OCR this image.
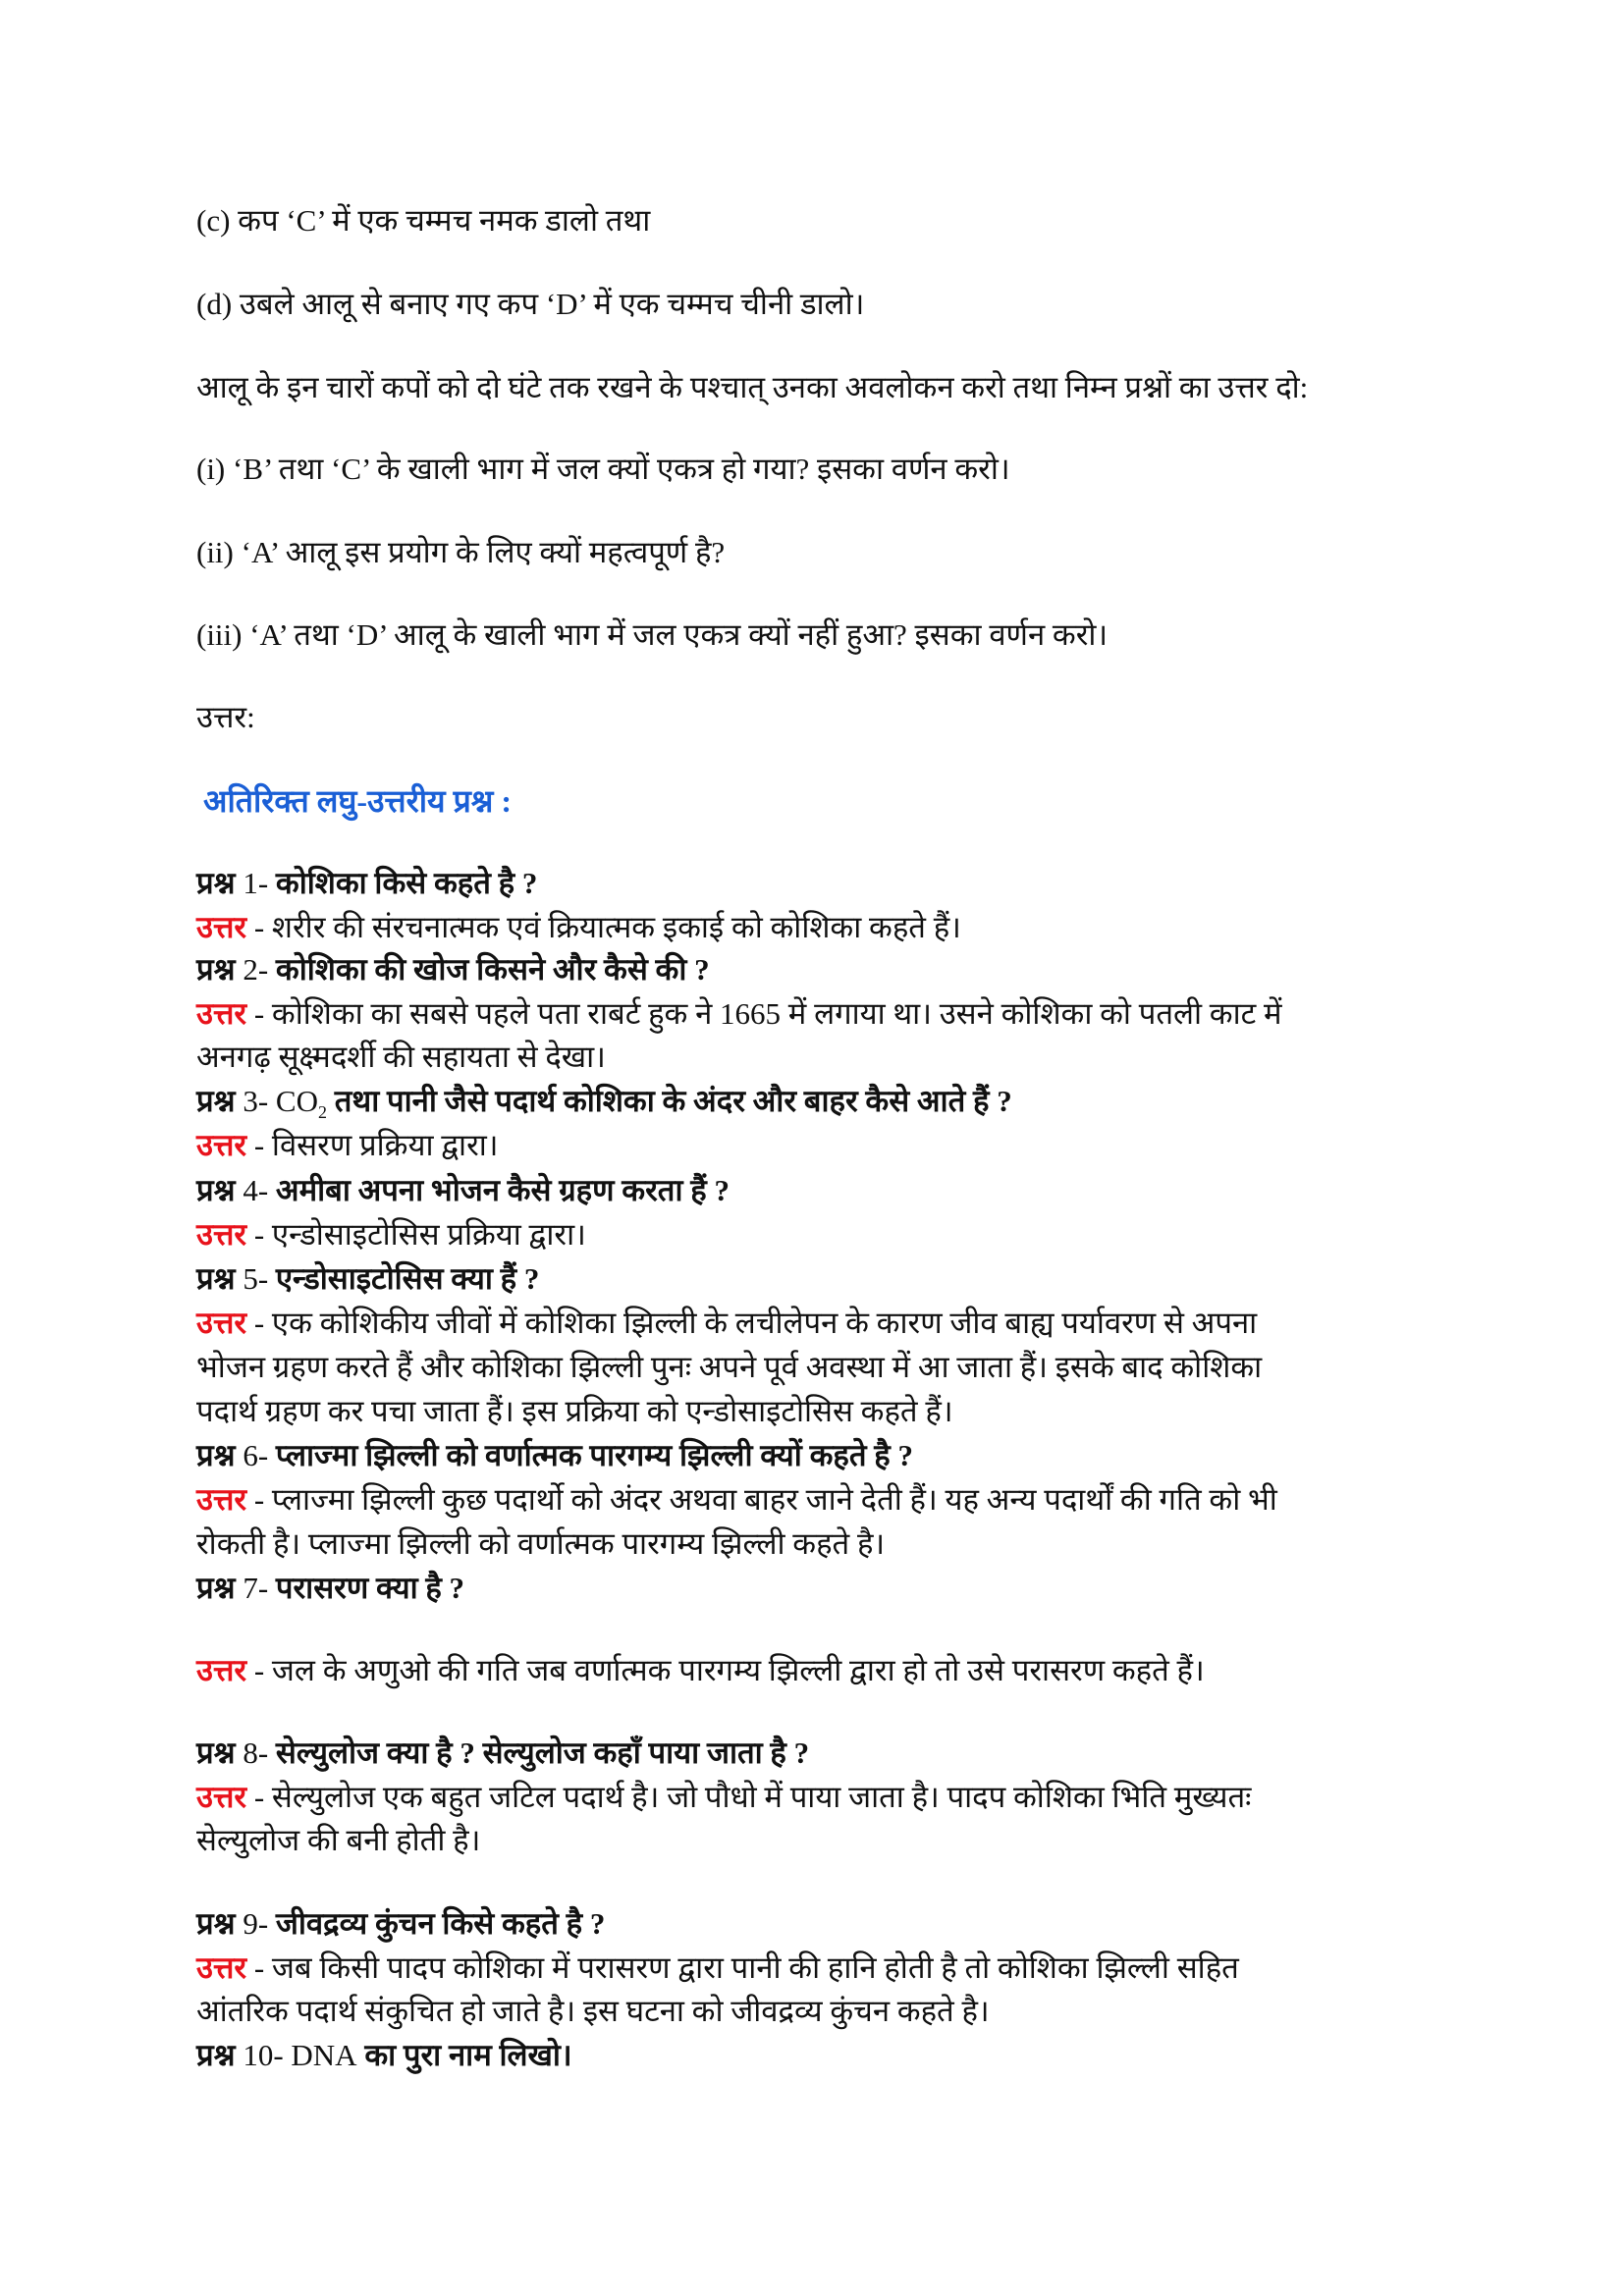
(c) कप ‘C’ में एक चम्मच नमक डालो तथा
(d) उबले आलू से बनाए गए कप ‘D’ में एक चम्मच चीनी डालो।
आलू के इन चारों कपों को दो घंटे तक रखने के पश्चात् उनका अवलोकन करो तथा निम्न प्रश्नों का उत्तर दो:
(i) ‘B’ तथा ‘C’ के खाली भाग में जल क्यों एकत्र हो गया? इसका वर्णन करो।
(ii) ‘A’ आलू इस प्रयोग के लिए क्यों महत्वपूर्ण है?
(iii) ‘A’ तथा ‘D’ आलू के खाली भाग में जल एकत्र क्यों नहीं हुआ? इसका वर्णन करो।
उत्तर:
अतिरिक्त लघु-उत्तरीय प्रश्न :
प्रश्न 1- कोशिका किसे कहते है ?
उत्तर - शरीर की संरचनात्मक एवं क्रियात्मक इकाई को कोशिका कहते हैं।
प्रश्न 2- कोशिका की खोज किसने और कैसे की ?
उत्तर - कोशिका का सबसे पहले पता राबर्ट हुक ने 1665 में लगाया था। उसने कोशिका को पतली काट में
अनगढ़ सूक्ष्मदर्शी की सहायता से देखा।
प्रश्न 3- $CO_2$ तथा पानी जैसे पदार्थ कोशिका के अंदर और बाहर कैसे आते हैं ?
उत्तर - विसरण प्रक्रिया द्वारा।
प्रश्न 4- अमीबा अपना भोजन कैसे ग्रहण करता हैं ?
उत्तर - एन्डोसाइटोसिस प्रक्रिया द्वारा।
प्रश्न 5- एन्डोसाइटोसिस क्या हैं ?
उत्तर - एक कोशिकीय जीवों में कोशिका झिल्ली के लचीलेपन के कारण जीव बाह्य पर्यावरण से अपना
भोजन ग्रहण करते हैं और कोशिका झिल्ली पुनः अपने पूर्व अवस्था में आ जाता हैं। इसके बाद कोशिका
पदार्थ ग्रहण कर पचा जाता हैं। इस प्रक्रिया को एन्डोसाइटोसिस कहते हैं।
प्रश्न 6- प्लाज्मा झिल्ली को वर्णात्मक पारगम्य झिल्ली क्यों कहते है ?
उत्तर - प्लाज्मा झिल्ली कुछ पदार्थो को अंदर अथवा बाहर जाने देती हैं। यह अन्य पदार्थों की गति को भी
रोकती है। प्लाज्मा झिल्ली को वर्णात्मक पारगम्य झिल्ली कहते है।
प्रश्न 7- परासरण क्या है ?
उत्तर - जल के अणुओ की गति जब वर्णात्मक पारगम्य झिल्ली द्वारा हो तो उसे परासरण कहते हैं।
प्रश्न 8- सेल्युलोज क्या है ? सेल्युलोज कहाँ पाया जाता है ?
उत्तर - सेल्युलोज एक बहुत जटिल पदार्थ है। जो पौधो में पाया जाता है। पादप कोशिका भिति मुख्यतः
सेल्युलोज की बनी होती है।
प्रश्न 9- जीवद्रव्य कुंचन किसे कहते है ?
उत्तर - जब किसी पादप कोशिका में परासरण द्वारा पानी की हानि होती है तो कोशिका झिल्ली सहित
आंतरिक पदार्थ संकुचित हो जाते है। इस घटना को जीवद्रव्य कुंचन कहते है।
प्रश्न 10- DNA का पुरा नाम लिखो।
